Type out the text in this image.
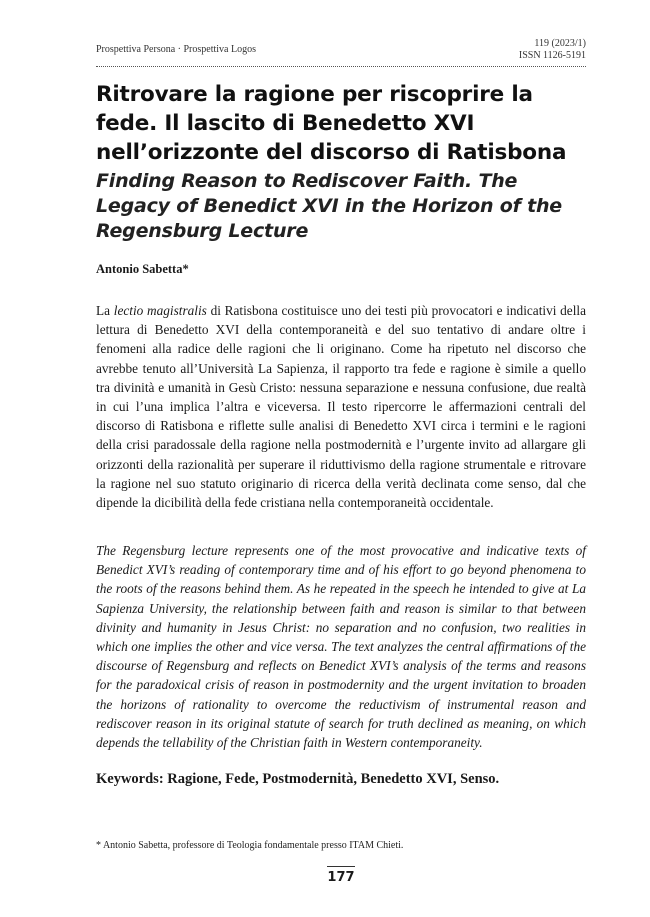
Prospettiva Persona · Prospettiva Logos
119 (2023/1)
ISSN 1126-5191
Ritrovare la ragione per riscoprire la fede. Il lascito di Benedetto XVI nell’orizzonte del discorso di Ratisbona
Finding Reason to Rediscover Faith. The Legacy of Benedict XVI in the Horizon of the Regensburg Lecture
Antonio Sabetta*

La lectio magistralis di Ratisbona costituisce uno dei testi più provocatori e indicativi della lettura di Benedetto XVI della contemporaneità e del suo tentativo di andare oltre i fenomeni alla radice delle ragioni che li originano. Come ha ripetuto nel discorso che avrebbe tenuto all’Università La Sapienza, il rapporto tra fede e ragione è simile a quello tra divinità e umanità in Gesù Cristo: nessuna separazione e nessuna confusione, due realtà in cui l’una implica l’altra e viceversa. Il testo ripercorre le affermazioni centrali del discorso di Ratisbona e riflette sulle analisi di Benedetto XVI circa i termini e le ragioni della crisi paradossale della ragione nella postmodernità e l’urgente invito ad allargare gli orizzonti della razionalità per superare il riduttivismo della ragione strumentale e ritrovare la ragione nel suo statuto originario di ricerca della verità declinata come senso, dal che dipende la dicibilità della fede cristiana nella contemporaneità occidentale.

The Regensburg lecture represents one of the most provocative and indicative texts of Benedict XVI’s reading of contemporary time and of his effort to go beyond phenomena to the roots of the reasons behind them. As he repeated in the speech he intended to give at La Sapienza University, the relationship between faith and reason is similar to that between divinity and humanity in Jesus Christ: no separation and no confusion, two realities in which one implies the other and vice versa. The text analyzes the central affirmations of the discourse of Regensburg and reflects on Benedict XVI’s analysis of the terms and reasons for the paradoxical crisis of reason in postmodernity and the urgent invitation to broaden the horizons of rationality to overcome the reductivism of instrumental reason and rediscover reason in its original statute of search for truth declined as meaning, on which depends the tellability of the Christian faith in Western contemporaneity.

Keywords: Ragione, Fede, Postmodernità, Benedetto XVI, Senso.
* Antonio Sabetta, professore di Teologia fondamentale presso ITAM Chieti.
177
